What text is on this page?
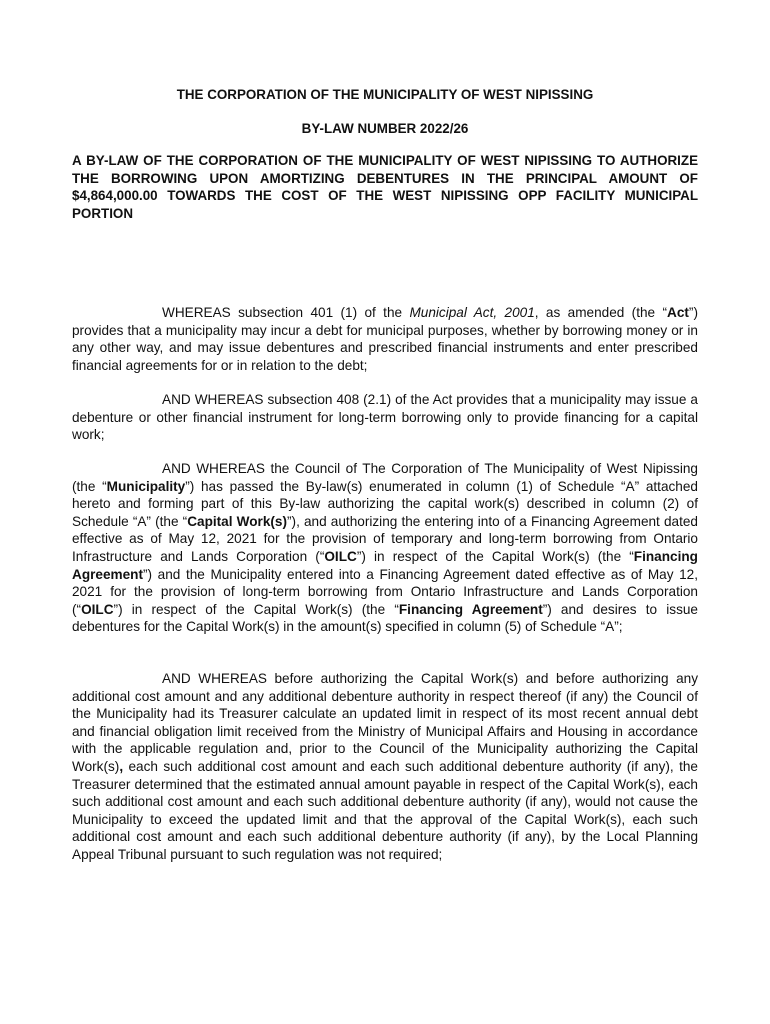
THE CORPORATION OF THE MUNICIPALITY OF WEST NIPISSING

BY-LAW NUMBER 2022/26

A BY-LAW OF THE CORPORATION OF THE MUNICIPALITY OF WEST NIPISSING TO AUTHORIZE THE BORROWING UPON AMORTIZING DEBENTURES IN THE PRINCIPAL AMOUNT OF $4,864,000.00 TOWARDS THE COST OF THE WEST NIPISSING OPP FACILITY MUNICIPAL PORTION

WHEREAS subsection 401 (1) of the Municipal Act, 2001, as amended (the “Act”) provides that a municipality may incur a debt for municipal purposes, whether by borrowing money or in any other way, and may issue debentures and prescribed financial instruments and enter prescribed financial agreements for or in relation to the debt;

AND WHEREAS subsection 408 (2.1) of the Act provides that a municipality may issue a debenture or other financial instrument for long-term borrowing only to provide financing for a capital work;

AND WHEREAS the Council of The Corporation of The Municipality of West Nipissing (the “Municipality”) has passed the By-law(s) enumerated in column (1) of Schedule “A” attached hereto and forming part of this By-law authorizing the capital work(s) described in column (2) of Schedule “A” (the “Capital Work(s)”), and authorizing the entering into of a Financing Agreement dated effective as of May 12, 2021 for the provision of temporary and long-term borrowing from Ontario Infrastructure and Lands Corporation (“OILC”) in respect of the Capital Work(s) (the “Financing Agreement”) and the Municipality entered into a Financing Agreement dated effective as of May 12, 2021 for the provision of long-term borrowing from Ontario Infrastructure and Lands Corporation (“OILC”) in respect of the Capital Work(s) (the “Financing Agreement”) and desires to issue debentures for the Capital Work(s) in the amount(s) specified in column (5) of Schedule “A”;

AND WHEREAS before authorizing the Capital Work(s) and before authorizing any additional cost amount and any additional debenture authority in respect thereof (if any) the Council of the Municipality had its Treasurer calculate an updated limit in respect of its most recent annual debt and financial obligation limit received from the Ministry of Municipal Affairs and Housing in accordance with the applicable regulation and, prior to the Council of the Municipality authorizing the Capital Work(s), each such additional cost amount and each such additional debenture authority (if any), the Treasurer determined that the estimated annual amount payable in respect of the Capital Work(s), each such additional cost amount and each such additional debenture authority (if any), would not cause the Municipality to exceed the updated limit and that the approval of the Capital Work(s), each such additional cost amount and each such additional debenture authority (if any), by the Local Planning Appeal Tribunal pursuant to such regulation was not required;
